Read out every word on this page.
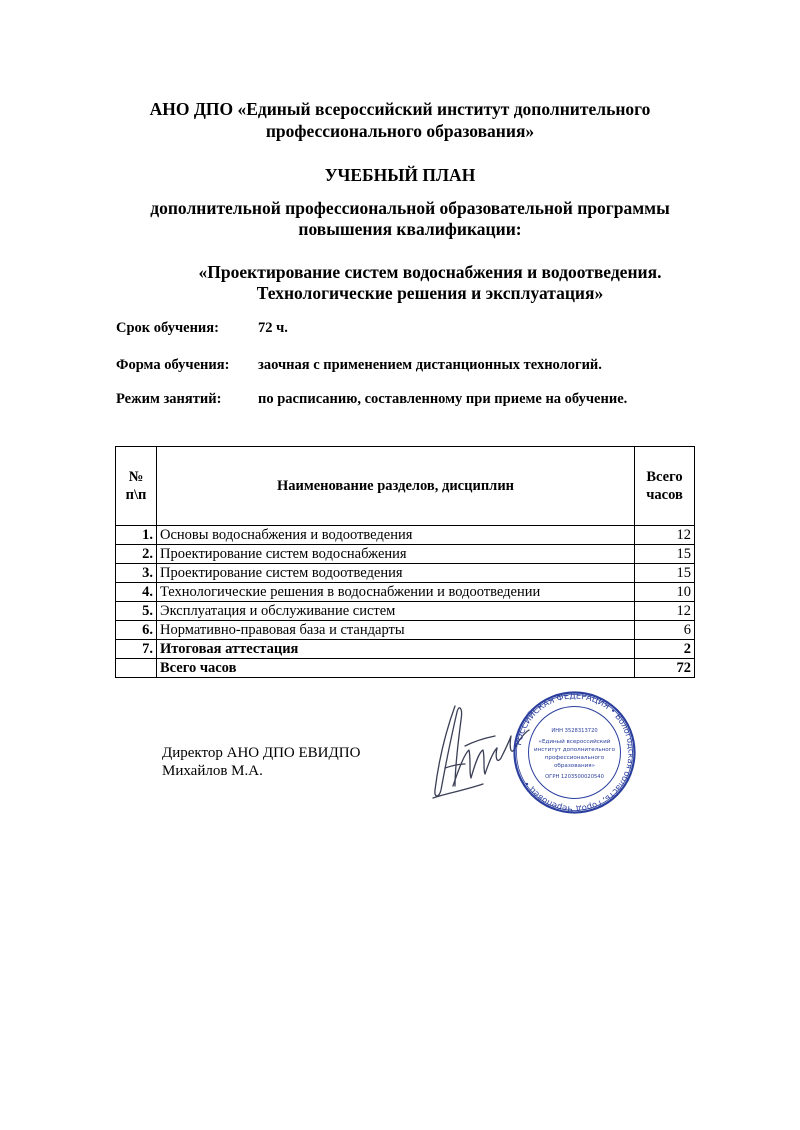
АНО ДПО «Единый всероссийский институт дополнительного
профессионального образования»
УЧЕБНЫЙ ПЛАН
дополнительной профессиональной образовательной программы
повышения квалификации:
«Проектирование систем водоснабжения и водоотведения.
Технологические решения и эксплуатация»
Срок обучения:	72 ч.
Форма обучения: заочная с применением дистанционных технологий.
Режим занятий:	по расписанию, составленному при приеме на обучение.
№ п\п	Наименование разделов, дисциплин	Всего часов
1.	Основы водоснабжения и водоотведения	12
2.	Проектирование систем водоснабжения	15
3.	Проектирование систем водоотведения	15
4.	Технологические решения в водоснабжении и водоотведении	10
5.	Эксплуатация и обслуживание систем	12
6.	Нормативно-правовая база и стандарты	6
7.	Итоговая аттестация	2
	Всего часов	72
Директор АНО ДПО ЕВИДПО
Михайлов М.А.
РОССИЙСКАЯ ФЕДЕРАЦИЯ • Вологодская область, город Череповец •
ИНН 3528313720
«Единый всероссийский
институт дополнительного
профессионального
образования»
ОГРН 1203500020540
